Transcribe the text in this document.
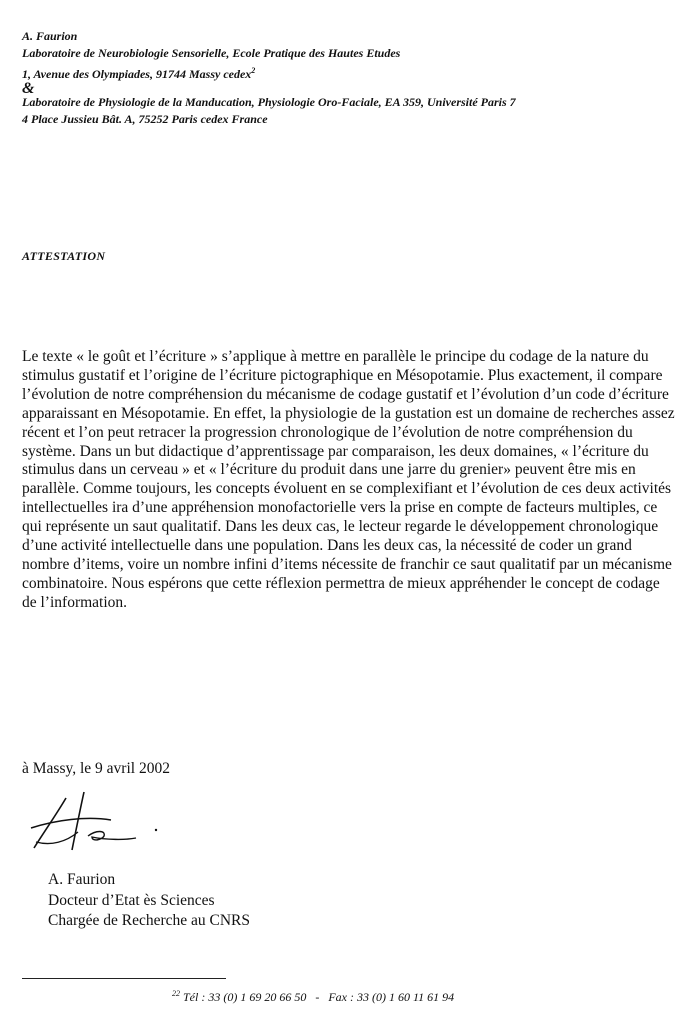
A. Faurion
Laboratoire de Neurobiologie Sensorielle, Ecole Pratique des Hautes Etudes
1, Avenue des Olympiades, 91744 Massy cedex$^2$
&
Laboratoire de Physiologie de la Manducation, Physiologie Oro-Faciale, EA 359, Université Paris 7
4 Place Jussieu Bât. A, 75252 Paris cedex France
ATTESTATION

Le texte « le goût et l’écriture » s’applique à mettre en parallèle le principe du codage de la nature du stimulus gustatif et l’origine de l’écriture pictographique en Mésopotamie. Plus exactement, il compare l’évolution de notre compréhension du mécanisme de codage gustatif et l’évolution d’un code d’écriture apparaissant en Mésopotamie. En effet, la physiologie de la gustation est un domaine de recherches assez récent et l’on peut retracer la progression chronologique de l’évolution de notre compréhension du système. Dans un but didactique d’apprentissage par comparaison, les deux domaines, « l’écriture du stimulus dans un cerveau » et « l’écriture du produit dans une jarre du grenier» peuvent être mis en parallèle. Comme toujours, les concepts évoluent en se complexifiant et l’évolution de ces deux activités intellectuelles ira d’une appréhension monofactorielle vers la prise en compte de facteurs multiples, ce qui représente un saut qualitatif. Dans les deux cas, le lecteur regarde le développement chronologique d’une activité intellectuelle dans une population. Dans les deux cas, la nécessité de coder un grand nombre d’items, voire un nombre infini d’items nécessite de franchir ce saut qualitatif par un mécanisme combinatoire. Nous espérons que cette réflexion permettra de mieux appréhender le concept de codage de l’information.

à Massy, le 9 avril 2002
A. Faurion
Docteur d’Etat ès Sciences
Chargée de Recherche au CNRS
$^{22}$ Tél : 33 (0) 1 69 20 66 50   -   Fax : 33 (0) 1 60 11 61 94
